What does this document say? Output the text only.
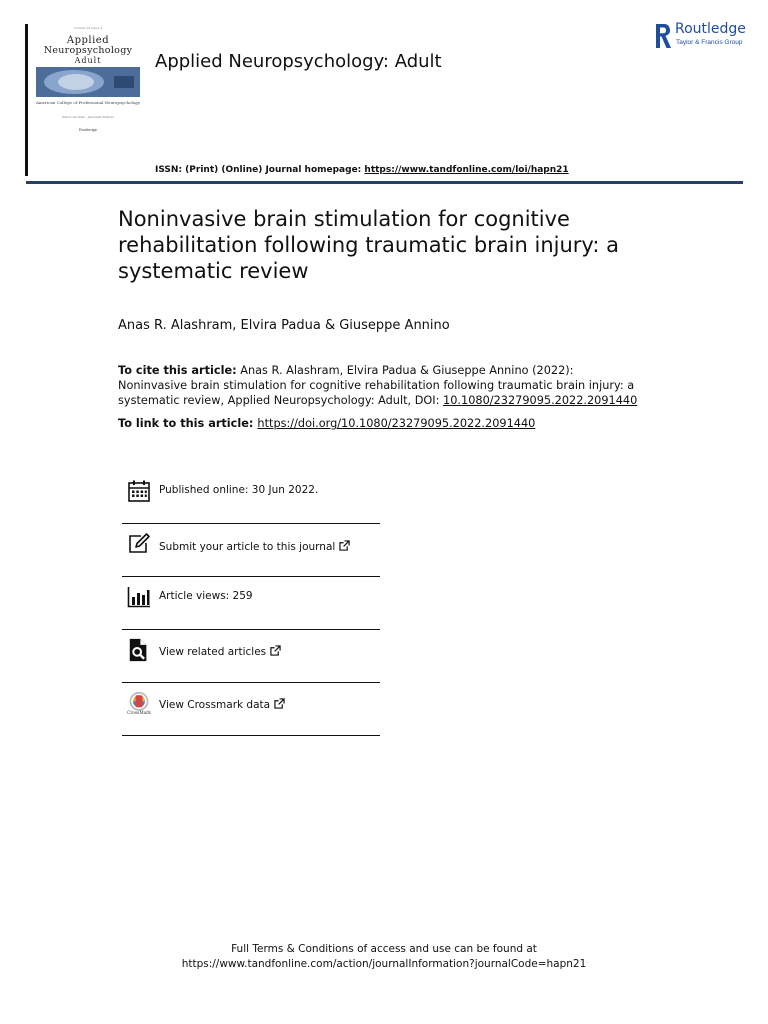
Volume 29 Issue 4
Applied
Neuropsychology
Adult
American College of Professional Neuropsychology
Editor-in-Chief · Associate Editors
Routledge
Applied Neuropsychology: Adult
Routledge
Taylor & Francis Group
ISSN: (Print) (Online) Journal homepage: https://www.tandfonline.com/loi/hapn21
Noninvasive brain stimulation for cognitive rehabilitation following traumatic brain injury: a systematic review
Anas R. Alashram, Elvira Padua & Giuseppe Annino
To cite this article: Anas R. Alashram, Elvira Padua & Giuseppe Annino (2022): Noninvasive brain stimulation for cognitive rehabilitation following traumatic brain injury: a systematic review, Applied Neuropsychology: Adult, DOI: 10.1080/23279095.2022.2091440
To link to this article: https://doi.org/10.1080/23279095.2022.2091440
Published online: 30 Jun 2022.
Submit your article to this journal
Article views: 259
View related articles
CrossMark
View Crossmark data
Full Terms & Conditions of access and use can be found at
https://www.tandfonline.com/action/journalInformation?journalCode=hapn21
